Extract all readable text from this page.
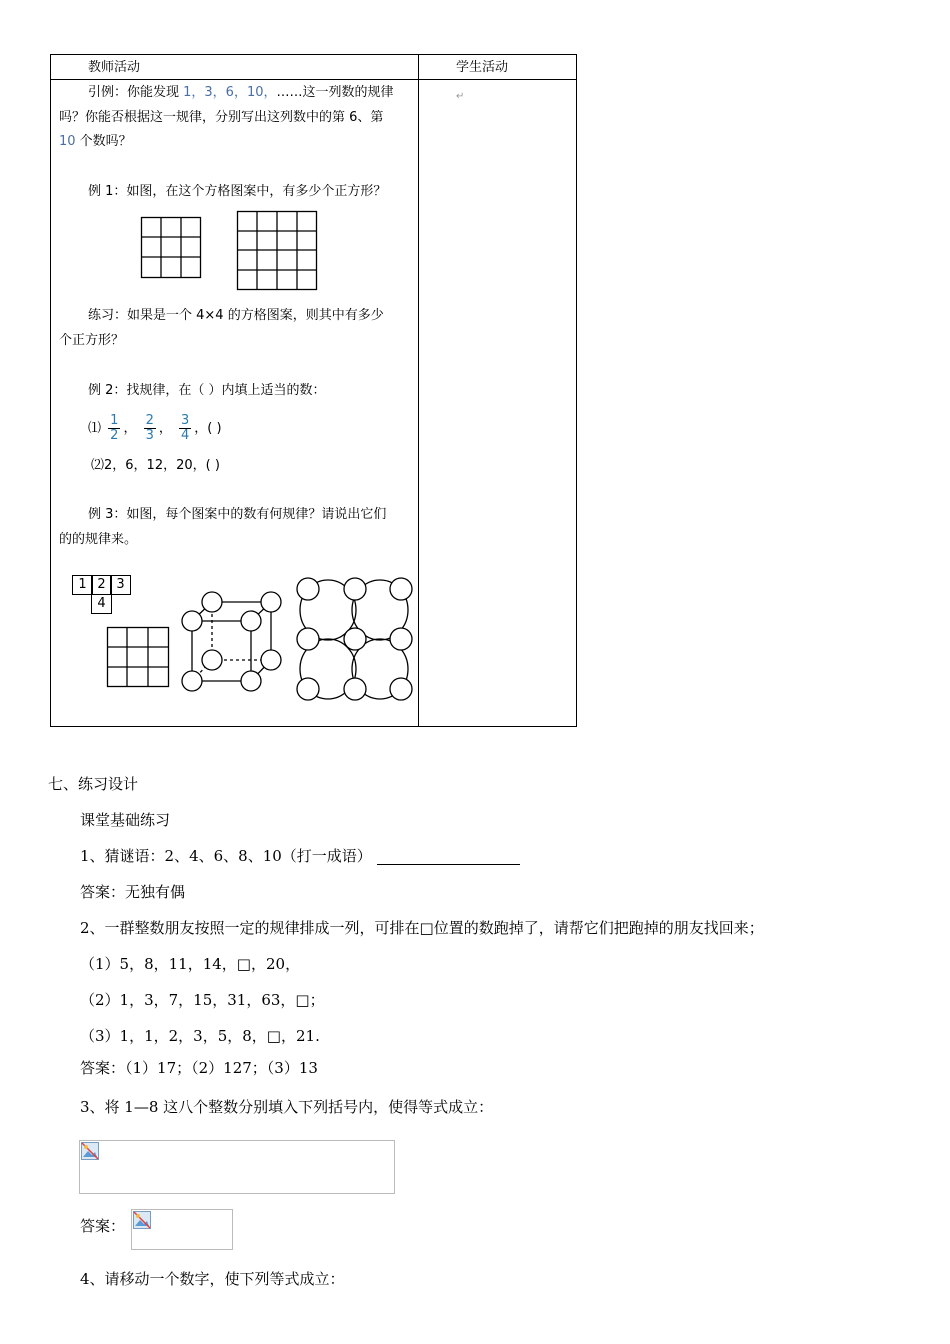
教师活动	学生活动
↵
引例：你能发现 1，3，6，10，……这一列数的规律
吗？你能否根据这一规律，分别写出这列数中的第 6、第
10 个数吗？
例 1：如图，在这个方格图案中，有多少个正方形？
练习：如果是一个 4×4 的方格图案，则其中有多少
个正方形？
例 2：找规律，在（ ）内填上适当的数：
⑴ $\frac{1}{2}$ ， $\frac{2}{3}$ ， $\frac{3}{4}$ ，( )
⑵2，6，12，20，( )
例 3：如图，每个图案中的数有何规律？请说出它们
的的规律来。
1 2 3
4
七、练习设计
课堂基础练习
1、猜谜语：2、4、6、8、10（打一成语）
答案：无独有偶
2、一群整数朋友按照一定的规律排成一列，可排在□位置的数跑掉了，请帮它们把跑掉的朋友找回来；
（1）5，8，11，14，□，20，
（2）1，3，7，15，31，63，□；
（3）1，1，2，3，5，8，□，21.
答案：（1）17；（2）127；（3）13
3、将 1—8 这八个整数分别填入下列括号内，使得等式成立：
答案：
4、请移动一个数字，使下列等式成立：
